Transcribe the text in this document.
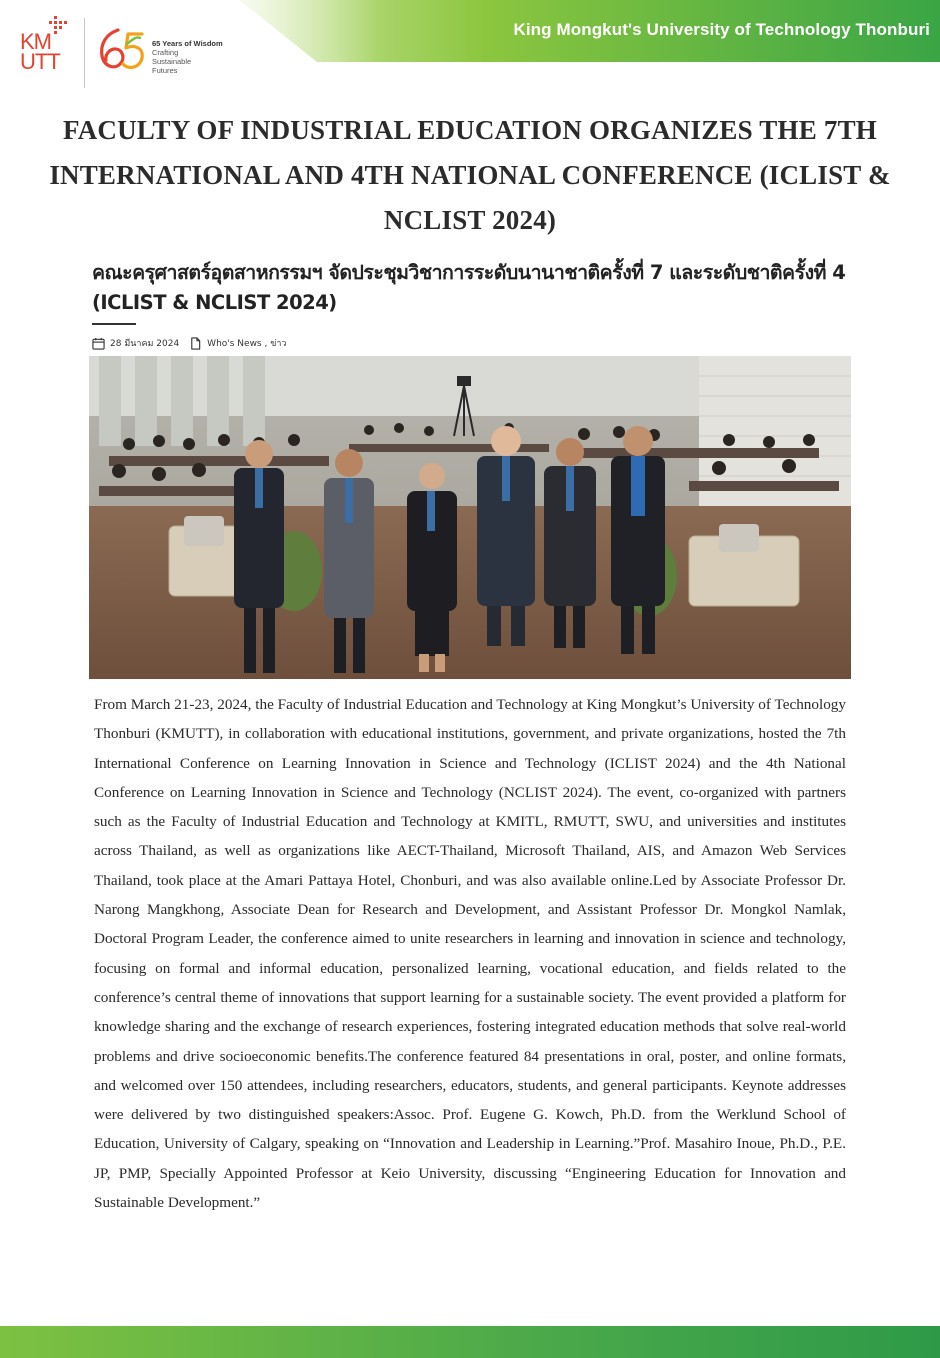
King Mongkut's University of Technology Thonburi
KM
UTT
65 Years of Wisdom
Crafting
Sustainable
Futures
FACULTY OF INDUSTRIAL EDUCATION ORGANIZES THE 7TH INTERNATIONAL AND 4TH NATIONAL CONFERENCE (ICLIST & NCLIST 2024)
คณะครุศาสตร์อุตสาหกรรมฯ จัดประชุมวิชาการระดับนานาชาติครั้งที่ 7 และระดับชาติครั้งที่ 4 (ICLIST & NCLIST 2024)
28 มีนาคม 2024	Who's News , ข่าว

From March 21-23, 2024, the Faculty of Industrial Education and Technology at King Mongkut’s University of Technology Thonburi (KMUTT), in collaboration with educational institutions, government, and private organizations, hosted the 7th International Conference on Learning Innovation in Science and Technology (ICLIST 2024) and the 4th National Conference on Learning Innovation in Science and Technology (NCLIST 2024). The event, co-organized with partners such as the Faculty of Industrial Education and Technology at KMITL, RMUTT, SWU, and universities and institutes across Thailand, as well as organizations like AECT-Thailand, Microsoft Thailand, AIS, and Amazon Web Services Thailand, took place at the Amari Pattaya Hotel, Chonburi, and was also available online.Led by Associate Professor Dr. Narong Mangkhong, Associate Dean for Research and Development, and Assistant Professor Dr. Mongkol Namlak, Doctoral Program Leader, the conference aimed to unite researchers in learning and innovation in science and technology, focusing on formal and informal education, personalized learning, vocational education, and fields related to the conference’s central theme of innovations that support learning for a sustainable society. The event provided a platform for knowledge sharing and the exchange of research experiences, fostering integrated education methods that solve real-world problems and drive socioeconomic benefits.The conference featured 84 presentations in oral, poster, and online formats, and welcomed over 150 attendees, including researchers, educators, students, and general participants. Keynote addresses were delivered by two distinguished speakers:Assoc. Prof. Eugene G. Kowch, Ph.D. from the Werklund School of Education, University of Calgary, speaking on “Innovation and Leadership in Learning.”Prof. Masahiro Inoue, Ph.D., P.E. JP, PMP, Specially Appointed Professor at Keio University, discussing “Engineering Education for Innovation and Sustainable Development.”
